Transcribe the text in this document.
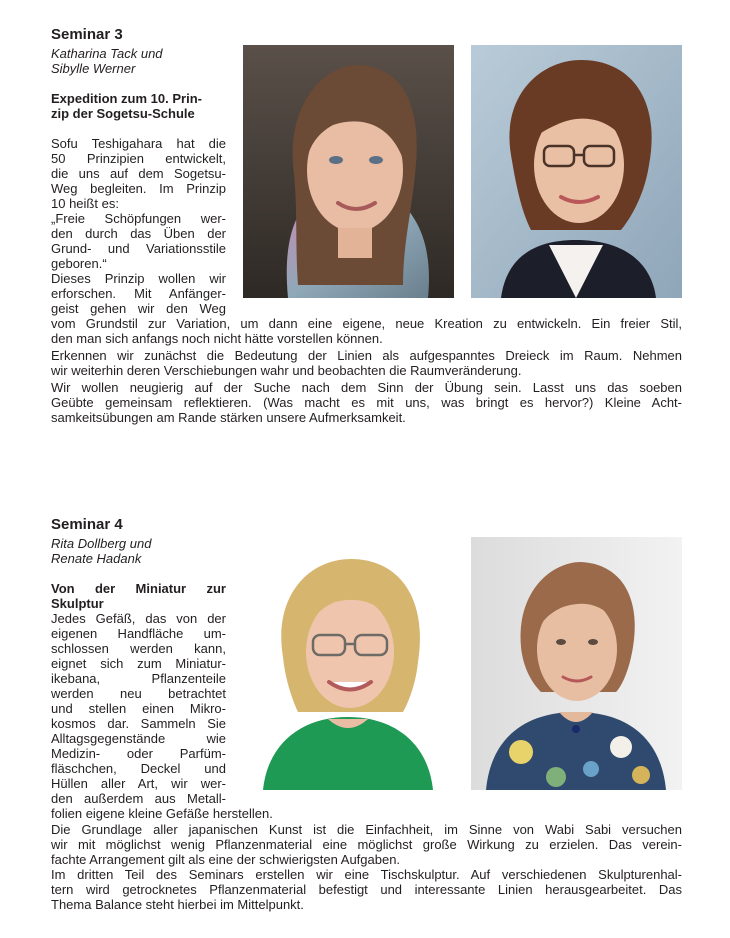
Seminar 3
Katharina Tack und
Sibylle Werner
Expedition zum 10. Prin-
zip der Sogetsu-Schule
Sofu Teshigahara hat die
50 Prinzipien entwickelt,
die uns auf dem Sogetsu-
Weg begleiten. Im Prinzip
10 heißt es:
„Freie Schöpfungen wer-
den durch das Üben der
Grund- und Variationsstile
geboren.“
Dieses Prinzip wollen wir
erforschen. Mit Anfänger-
geist gehen wir den Weg
vom Grundstil zur Variation, um dann eine eigene, neue Kreation zu entwickeln. Ein freier Stil,
den man sich anfangs noch nicht hätte vorstellen können.
Erkennen wir zunächst die Bedeutung der Linien als aufgespanntes Dreieck im Raum. Nehmen
wir weiterhin deren Verschiebungen wahr und beobachten die Raumveränderung.
Wir wollen neugierig auf der Suche nach dem Sinn der Übung sein. Lasst uns das soeben
Geübte gemeinsam reflektieren. (Was macht es mit uns, was bringt es hervor?) Kleine Acht-
samkeitsübungen am Rande stärken unsere Aufmerksamkeit.
Seminar 4
Rita Dollberg und
Renate Hadank
Von der Miniatur zur
Skulptur
Jedes Gefäß, das von der
eigenen Handfläche um-
schlossen werden kann,
eignet sich zum Miniatur-
ikebana, Pflanzenteile
werden neu betrachtet
und stellen einen Mikro-
kosmos dar. Sammeln Sie
Alltagsgegenstände wie
Medizin- oder Parfüm-
fläschchen, Deckel und
Hüllen aller Art, wir wer-
den außerdem aus Metall-
folien eigene kleine Gefäße herstellen.
Die Grundlage aller japanischen Kunst ist die Einfachheit, im Sinne von Wabi Sabi versuchen
wir mit möglichst wenig Pflanzenmaterial eine möglichst große Wirkung zu erzielen. Das verein-
fachte Arrangement gilt als eine der schwierigsten Aufgaben.
Im dritten Teil des Seminars erstellen wir eine Tischskulptur. Auf verschiedenen Skulpturenhal-
tern wird getrocknetes Pflanzenmaterial befestigt und interessante Linien herausgearbeitet. Das
Thema Balance steht hierbei im Mittelpunkt.
